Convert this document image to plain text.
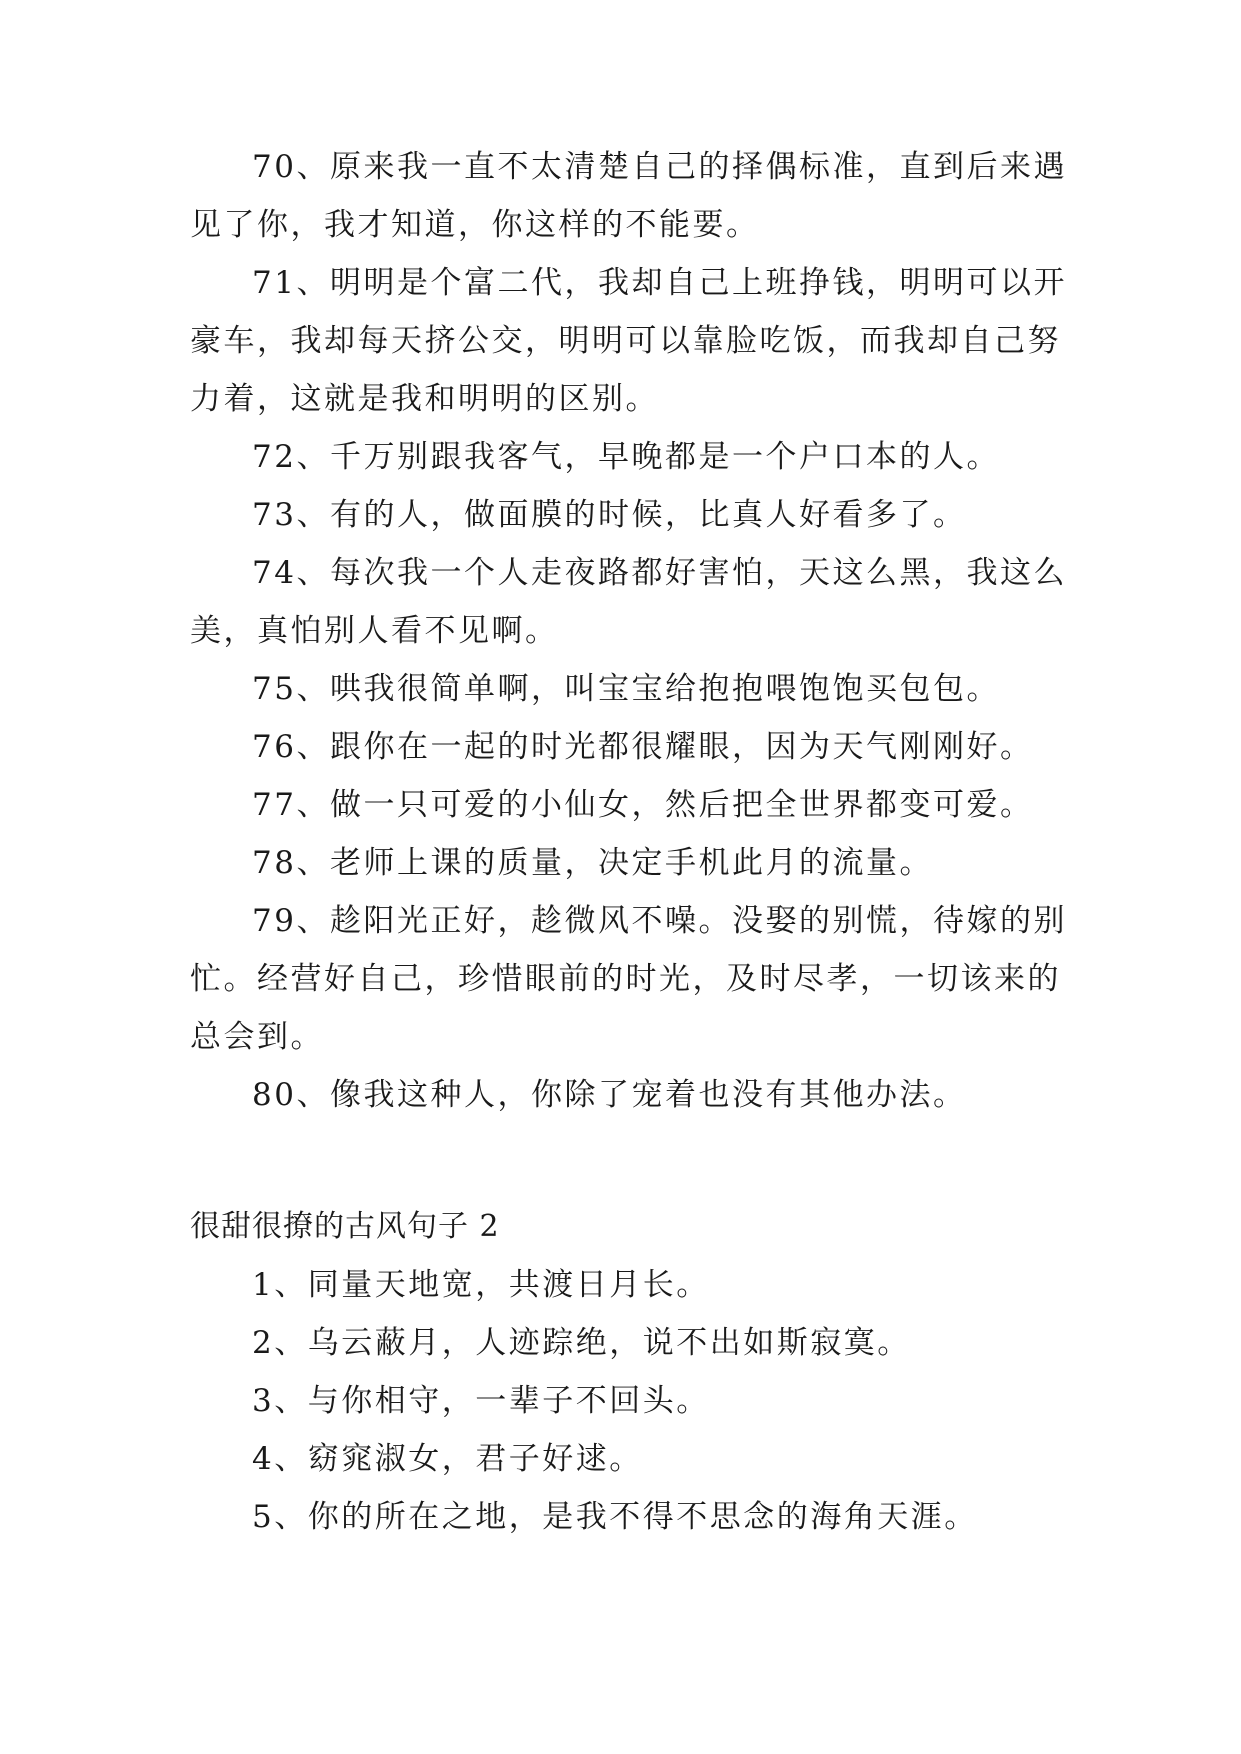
70、原来我一直不太清楚自己的择偶标准，直到后来遇见了你，我才知道，你这样的不能要。

71、明明是个富二代，我却自己上班挣钱，明明可以开豪车，我却每天挤公交，明明可以靠脸吃饭，而我却自己努力着，这就是我和明明的区别。

72、千万别跟我客气，早晚都是一个户口本的人。

73、有的人，做面膜的时候，比真人好看多了。

74、每次我一个人走夜路都好害怕，天这么黑，我这么美，真怕别人看不见啊。

75、哄我很简单啊，叫宝宝给抱抱喂饱饱买包包。

76、跟你在一起的时光都很耀眼，因为天气刚刚好。

77、做一只可爱的小仙女，然后把全世界都变可爱。

78、老师上课的质量，决定手机此月的流量。

79、趁阳光正好，趁微风不噪。没娶的别慌，待嫁的别忙。经营好自己，珍惜眼前的时光，及时尽孝，一切该来的总会到。

80、像我这种人，你除了宠着也没有其他办法。

很甜很撩的古风句子 2

1、同量天地宽，共渡日月长。

2、乌云蔽月，人迹踪绝，说不出如斯寂寞。

3、与你相守，一辈子不回头。

4、窈窕淑女，君子好逑。

5、你的所在之地，是我不得不思念的海角天涯。
